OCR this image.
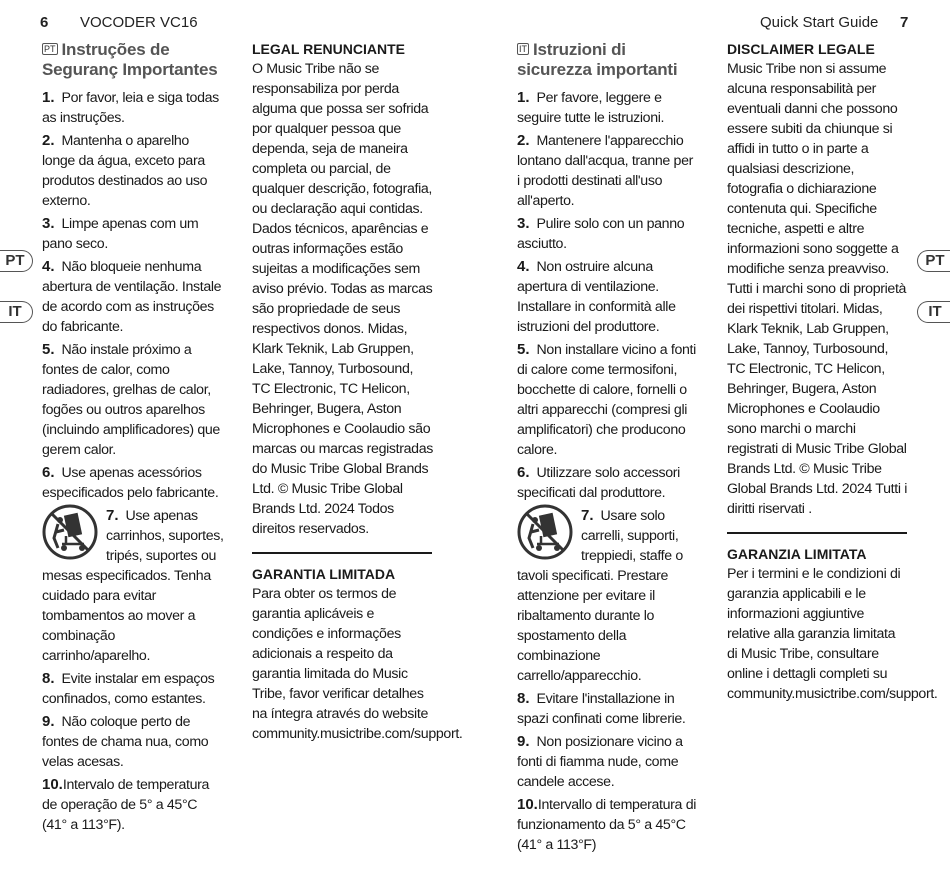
6 VOCODER VC16	Quick Start Guide 7
PT
IT
PT
IT
PT Instruções de Seguranç Importantes

1. Por favor, leia e siga todas as instruções.

2. Mantenha o aparelho longe da água, exceto para produtos destinados ao uso externo.

3. Limpe apenas com um pano seco.

4. Não bloqueie nenhuma abertura de ventilação. Instale de acordo com as instruções do fabricante.

5. Não instale próximo a fontes de calor, como radiadores, grelhas de calor, fogões ou outros aparelhos (incluindo amplificadores) que gerem calor.

6. Use apenas acessórios especificados pelo fabricante.

7. Use apenas carrinhos, suportes, tripés, suportes ou mesas especificados. Tenha cuidado para evitar tombamentos ao mover a combinação carrinho/aparelho.

8. Evite instalar em espaços confinados, como estantes.

9. Não coloque perto de fontes de chama nua, como velas acesas.

10.Intervalo de temperatura de operação de 5° a 45°C (41° a 113°F).

LEGAL RENUNCIANTE

O Music Tribe não se responsabiliza por perda alguma que possa ser sofrida por qualquer pessoa que dependa, seja de maneira completa ou parcial, de qualquer descrição, fotografia, ou declaração aqui contidas. Dados técnicos, aparências e outras informações estão sujeitas a modificações sem aviso prévio. Todas as marcas são propriedade de seus respectivos donos. Midas, Klark Teknik, Lab Gruppen, Lake, Tannoy, Turbosound, TC Electronic, TC Helicon, Behringer, Bugera, Aston Microphones e Coolaudio são marcas ou marcas registradas do Music Tribe Global Brands Ltd. © Music Tribe Global Brands Ltd. 2024 Todos direitos reservados.

GARANTIA LIMITADA

Para obter os termos de garantia aplicáveis e condições e informações adicionais a respeito da garantia limitada do Music Tribe, favor verificar detalhes na íntegra através do website community.musictribe.com/support.

IT Istruzioni di sicurezza importanti

1. Per favore, leggere e seguire tutte le istruzioni.

2. Mantenere l'apparecchio lontano dall'acqua, tranne per i prodotti destinati all'uso all'aperto.

3. Pulire solo con un panno asciutto.

4. Non ostruire alcuna apertura di ventilazione. Installare in conformità alle istruzioni del produttore.

5. Non installare vicino a fonti di calore come termosifoni, bocchette di calore, fornelli o altri apparecchi (compresi gli amplificatori) che producono calore.

6. Utilizzare solo accessori specificati dal produttore.

7. Usare solo carrelli, supporti, treppiedi, staffe o tavoli specificati. Prestare attenzione per evitare il ribaltamento durante lo spostamento della combinazione carrello/apparecchio.

8. Evitare l'installazione in spazi confinati come librerie.

9. Non posizionare vicino a fonti di fiamma nude, come candele accese.

10.Intervallo di temperatura di funzionamento da 5° a 45°C (41° a 113°F)

DISCLAIMER LEGALE

Music Tribe non si assume alcuna responsabilità per eventuali danni che possono essere subiti da chiunque si affidi in tutto o in parte a qualsiasi descrizione, fotografia o dichiarazione contenuta qui. Specifiche tecniche, aspetti e altre informazioni sono soggette a modifiche senza preavviso. Tutti i marchi sono di proprietà dei rispettivi titolari. Midas, Klark Teknik, Lab Gruppen, Lake, Tannoy, Turbosound, TC Electronic, TC Helicon, Behringer, Bugera, Aston Microphones e Coolaudio sono marchi o marchi registrati di Music Tribe Global Brands Ltd. © Music Tribe Global Brands Ltd. 2024 Tutti i diritti riservati .

GARANZIA LIMITATA

Per i termini e le condizioni di garanzia applicabili e le informazioni aggiuntive relative alla garanzia limitata di Music Tribe, consultare online i dettagli completi su community.musictribe.com/support.
